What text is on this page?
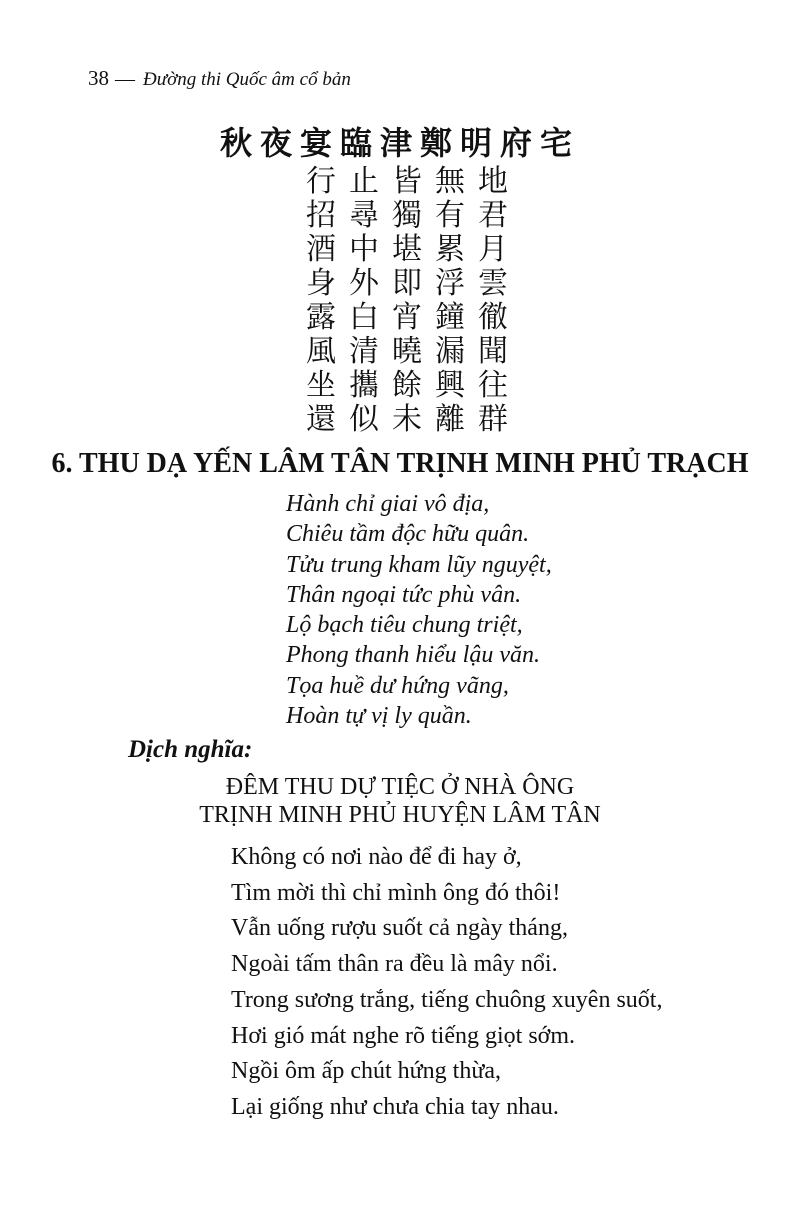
38 — Đường thi Quốc âm cổ bản
秋夜宴臨津鄭明府宅
行止皆無地
招尋獨有君
酒中堪累月
身外即浮雲
露白宵鐘徹
風清曉漏聞
坐攜餘興往
還似未離群
6. THU DẠ YẾN LÂM TÂN TRỊNH MINH PHỦ TRẠCH
Hành chỉ giai vô địa,
Chiêu tầm độc hữu quân.
Tửu trung kham lũy nguyệt,
Thân ngoại tức phù vân.
Lộ bạch tiêu chung triệt,
Phong thanh hiểu lậu văn.
Tọa huề dư hứng vãng,
Hoàn tự vị ly quần.
Dịch nghĩa:
ĐÊM THU DỰ TIỆC Ở NHÀ ÔNG
TRỊNH MINH PHỦ HUYỆN LÂM TÂN
Không có nơi nào để đi hay ở,
Tìm mời thì chỉ mình ông đó thôi!
Vẫn uống rượu suốt cả ngày tháng,
Ngoài tấm thân ra đều là mây nổi.
Trong sương trắng, tiếng chuông xuyên suốt,
Hơi gió mát nghe rõ tiếng giọt sớm.
Ngồi ôm ấp chút hứng thừa,
Lại giống như chưa chia tay nhau.
